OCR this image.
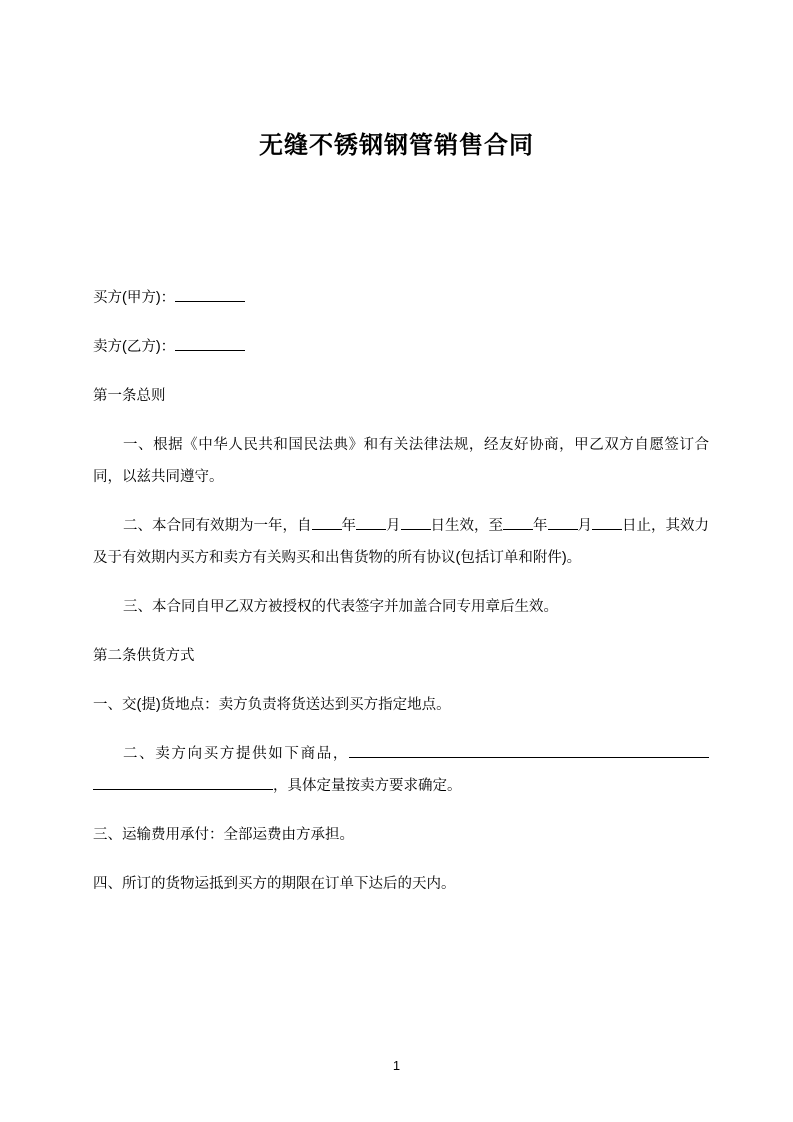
无缝不锈钢钢管销售合同

买方(甲方)：

卖方(乙方)：

第一条总则

一、根据《中华人民共和国民法典》和有关法律法规，经友好协商，甲乙双方自愿签订合同，以兹共同遵守。

二、本合同有效期为一年，自 年 月 日生效，至 年 月 日止，其效力及于有效期内买方和卖方有关购买和出售货物的所有协议(包括订单和附件)。

三、本合同自甲乙双方被授权的代表签字并加盖合同专用章后生效。

第二条供货方式

一、交(提)货地点：卖方负责将货送达到买方指定地点。

二、卖方向买方提供如下商品，，具体定量按卖方要求确定。

三、运输费用承付：全部运费由方承担。

四、所订的货物运抵到买方的期限在订单下达后的天内。

1
